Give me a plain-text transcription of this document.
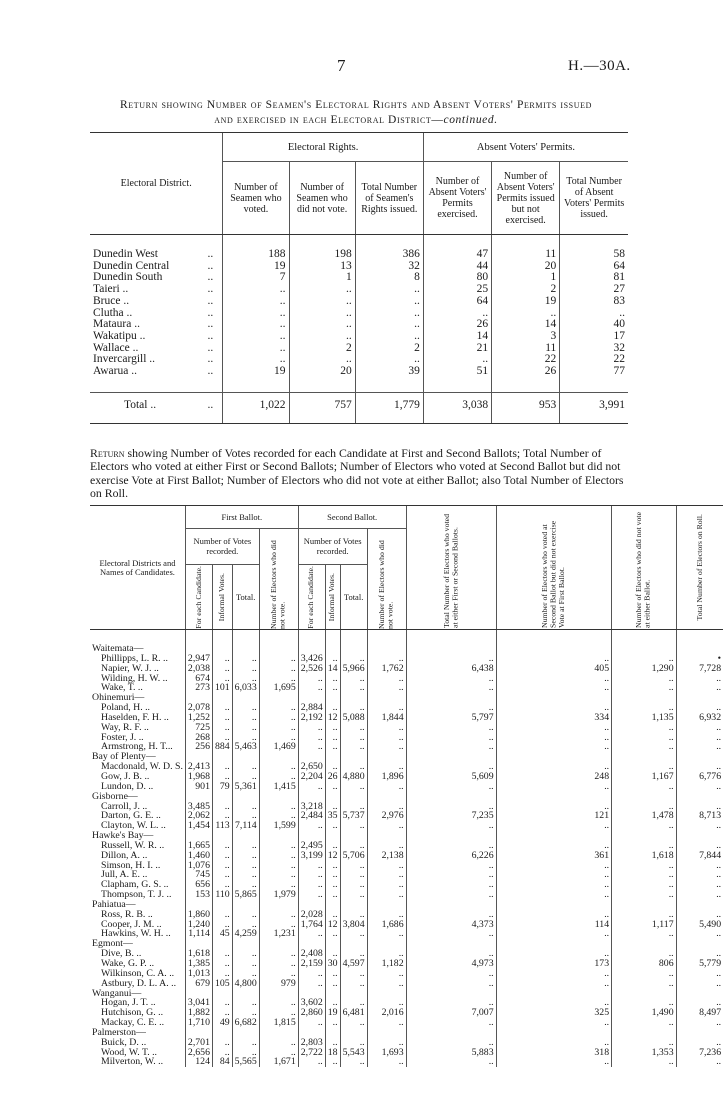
7	H.—30A.
Return showing Number of Seamen's Electoral Rights and Absent Voters' Permits issued
and exercised in each Electoral District—continued.
Electoral District.		Electoral Rights.			Absent Voters' Permits.		
		Number of Seamen who voted.	Number of Seamen who did not vote.	Total Number of Seamen's Rights issued.	Number of Absent Voters' Permits exercised.	Number of Absent Voters' Permits issued but not exercised.	Total Number of Absent Voters' Permits issued.

Dunedin West	..	188	198	386	47	11	58
Dunedin Central	..	19	13	32	44	20	64
Dunedin South	..	7	1	8	80	1	81
Taieri ..	..	..	..	..	25	2	27
Bruce ..	..	..	..	..	64	19	83
Clutha ..	..	..	..	..	..	..	..
Mataura ..	..	..	..	..	26	14	40
Wakatipu ..	..	..	..	..	14	3	17
Wallace ..	..	..	2	2	21	11	32
Invercargill ..	..	..	..	..	..	22	22
Awarua ..	..	19	20	39	51	26	77

Total ..	..	1,022	757	1,779	3,038	953	3,991

Return showing Number of Votes recorded for each Candidate at First and Second Ballots; Total Number of Electors who voted at either First or Second Ballots; Number of Electors who voted at Second Ballot but did not exercise Vote at First Ballot; Number of Electors who did not vote at either Ballot; also Total Number of Electors on Roll.
Electoral Districts and Names of Candidates.	First Ballot.				Second Ballot.				Total Number of Electors who voted at either First or Second Ballots.	Number of Electors who voted at Second Ballot but did not exercise Vote at First Ballot.	Number of Electors who did not vote at either Ballot.	Total Number of Electors on Roll.

	Number of Votes recorded.			Number of Electors who did not vote.	Number of Votes recorded.			Number of Electors who did not vote.				

	For each Candidate.	Informal Votes.	Total.		For each Candidate.	Informal Votes.	Total.					

Waitemata—												
Phillipps, L. R. ..	2,947	..	..	..	3,426	..	..	..	..	..	..	•
Napier, W. J. ..	2,038	..	..	..	2,526	14	5,966	1,762	6,438	405	1,290	7,728
Wilding, H. W. ..	674	..	..	..	..	..	..	..	..	..	..	..
Wake, T. ..	273	101	6,033	1,695	..	..	..	..	..	..	..	..
Ohinemuri—												
Poland, H. ..	2,078	..	..	..	2,884	..	..	..	..	..	..	..
Haselden, F. H. ..	1,252	..	..	..	2,192	12	5,088	1,844	5,797	334	1,135	6,932
Way, R. F. ..	725	..	..	..	..	..	..	..	..	..	..	..
Foster, J. ..	268	..	..	..	..	..	..	..	..	..	..	..
Armstrong, H. T...	256	884	5,463	1,469	..	..	..	..	..	..	..	..
Bay of Plenty—												
Macdonald, W. D. S.	2,413	..	..	..	2,650	..	..	..	..	..	..	..
Gow, J. B. ..	1,968	..	..	..	2,204	26	4,880	1,896	5,609	248	1,167	6,776
Lundon, D. ..	901	79	5,361	1,415	..	..	..	..	..	..	..	..
Gisborne—												
Carroll, J. ..	3,485	..	..	..	3,218	..	..	..	..	..	..	..
Darton, G. E. ..	2,062	..	..	..	2,484	35	5,737	2,976	7,235	121	1,478	8,713
Clayton, W. L. ..	1,454	113	7,114	1,599	..	..	..	..	..	..	..	..
Hawke's Bay—												
Russell, W. R. ..	1,665	..	..	..	2,495	..	..	..	..	..	..	..
Dillon, A. ..	1,460	..	..	..	3,199	12	5,706	2,138	6,226	361	1,618	7,844
Simson, H. I. ..	1,076	..	..	..	..	..	..	..	..	..	..	..
Jull, A. E. ..	745	..	..	..	..	..	..	..	..	..	..	..
Clapham, G. S. ..	656	..	..	..	..	..	..	..	..	..	..	..
Thompson, T. J. ..	153	110	5,865	1,979	..	..	..	..	..	..	..	..
Pahiatua—												
Ross, R. B. ..	1,860	..	..	..	2,028	..	..	..	..	..	..	..
Cooper, J. M. ..	1,240	..	..	..	1,764	12	3,804	1,686	4,373	114	1,117	5,490
Hawkins, W. H. ..	1,114	45	4,259	1,231	..	..	..	..	..	..	..	..
Egmont—												
Dive, B. ..	1,618	..	..	..	2,408	..	..	..	..	..	..	..
Wake, G. P. ..	1,385	..	..	..	2,159	30	4,597	1,182	4,973	173	806	5,779
Wilkinson, C. A. ..	1,013	..	..	..	..	..	..	..	..	..	..	..
Astbury, D. L. A. ..	679	105	4,800	979	..	..	..	..	..	..	..	..
Wanganui—												
Hogan, J. T. ..	3,041	..	..	..	3,602	..	..	..	..	..	..	..
Hutchison, G. ..	1,882	..	..	..	2,860	19	6,481	2,016	7,007	325	1,490	8,497
Mackay, C. E. ..	1,710	49	6,682	1,815	..	..	..	..	..	..	..	..
Palmerston—												
Buick, D. ..	2,701	..	..	..	2,803	..	..	..	..	..	..	..
Wood, W. T. ..	2,656	..	..	..	2,722	18	5,543	1,693	5,883	318	1,353	7,236
Milverton, W. ..	124	84	5,565	1,671	..	..	..	..	..	..	..	..
